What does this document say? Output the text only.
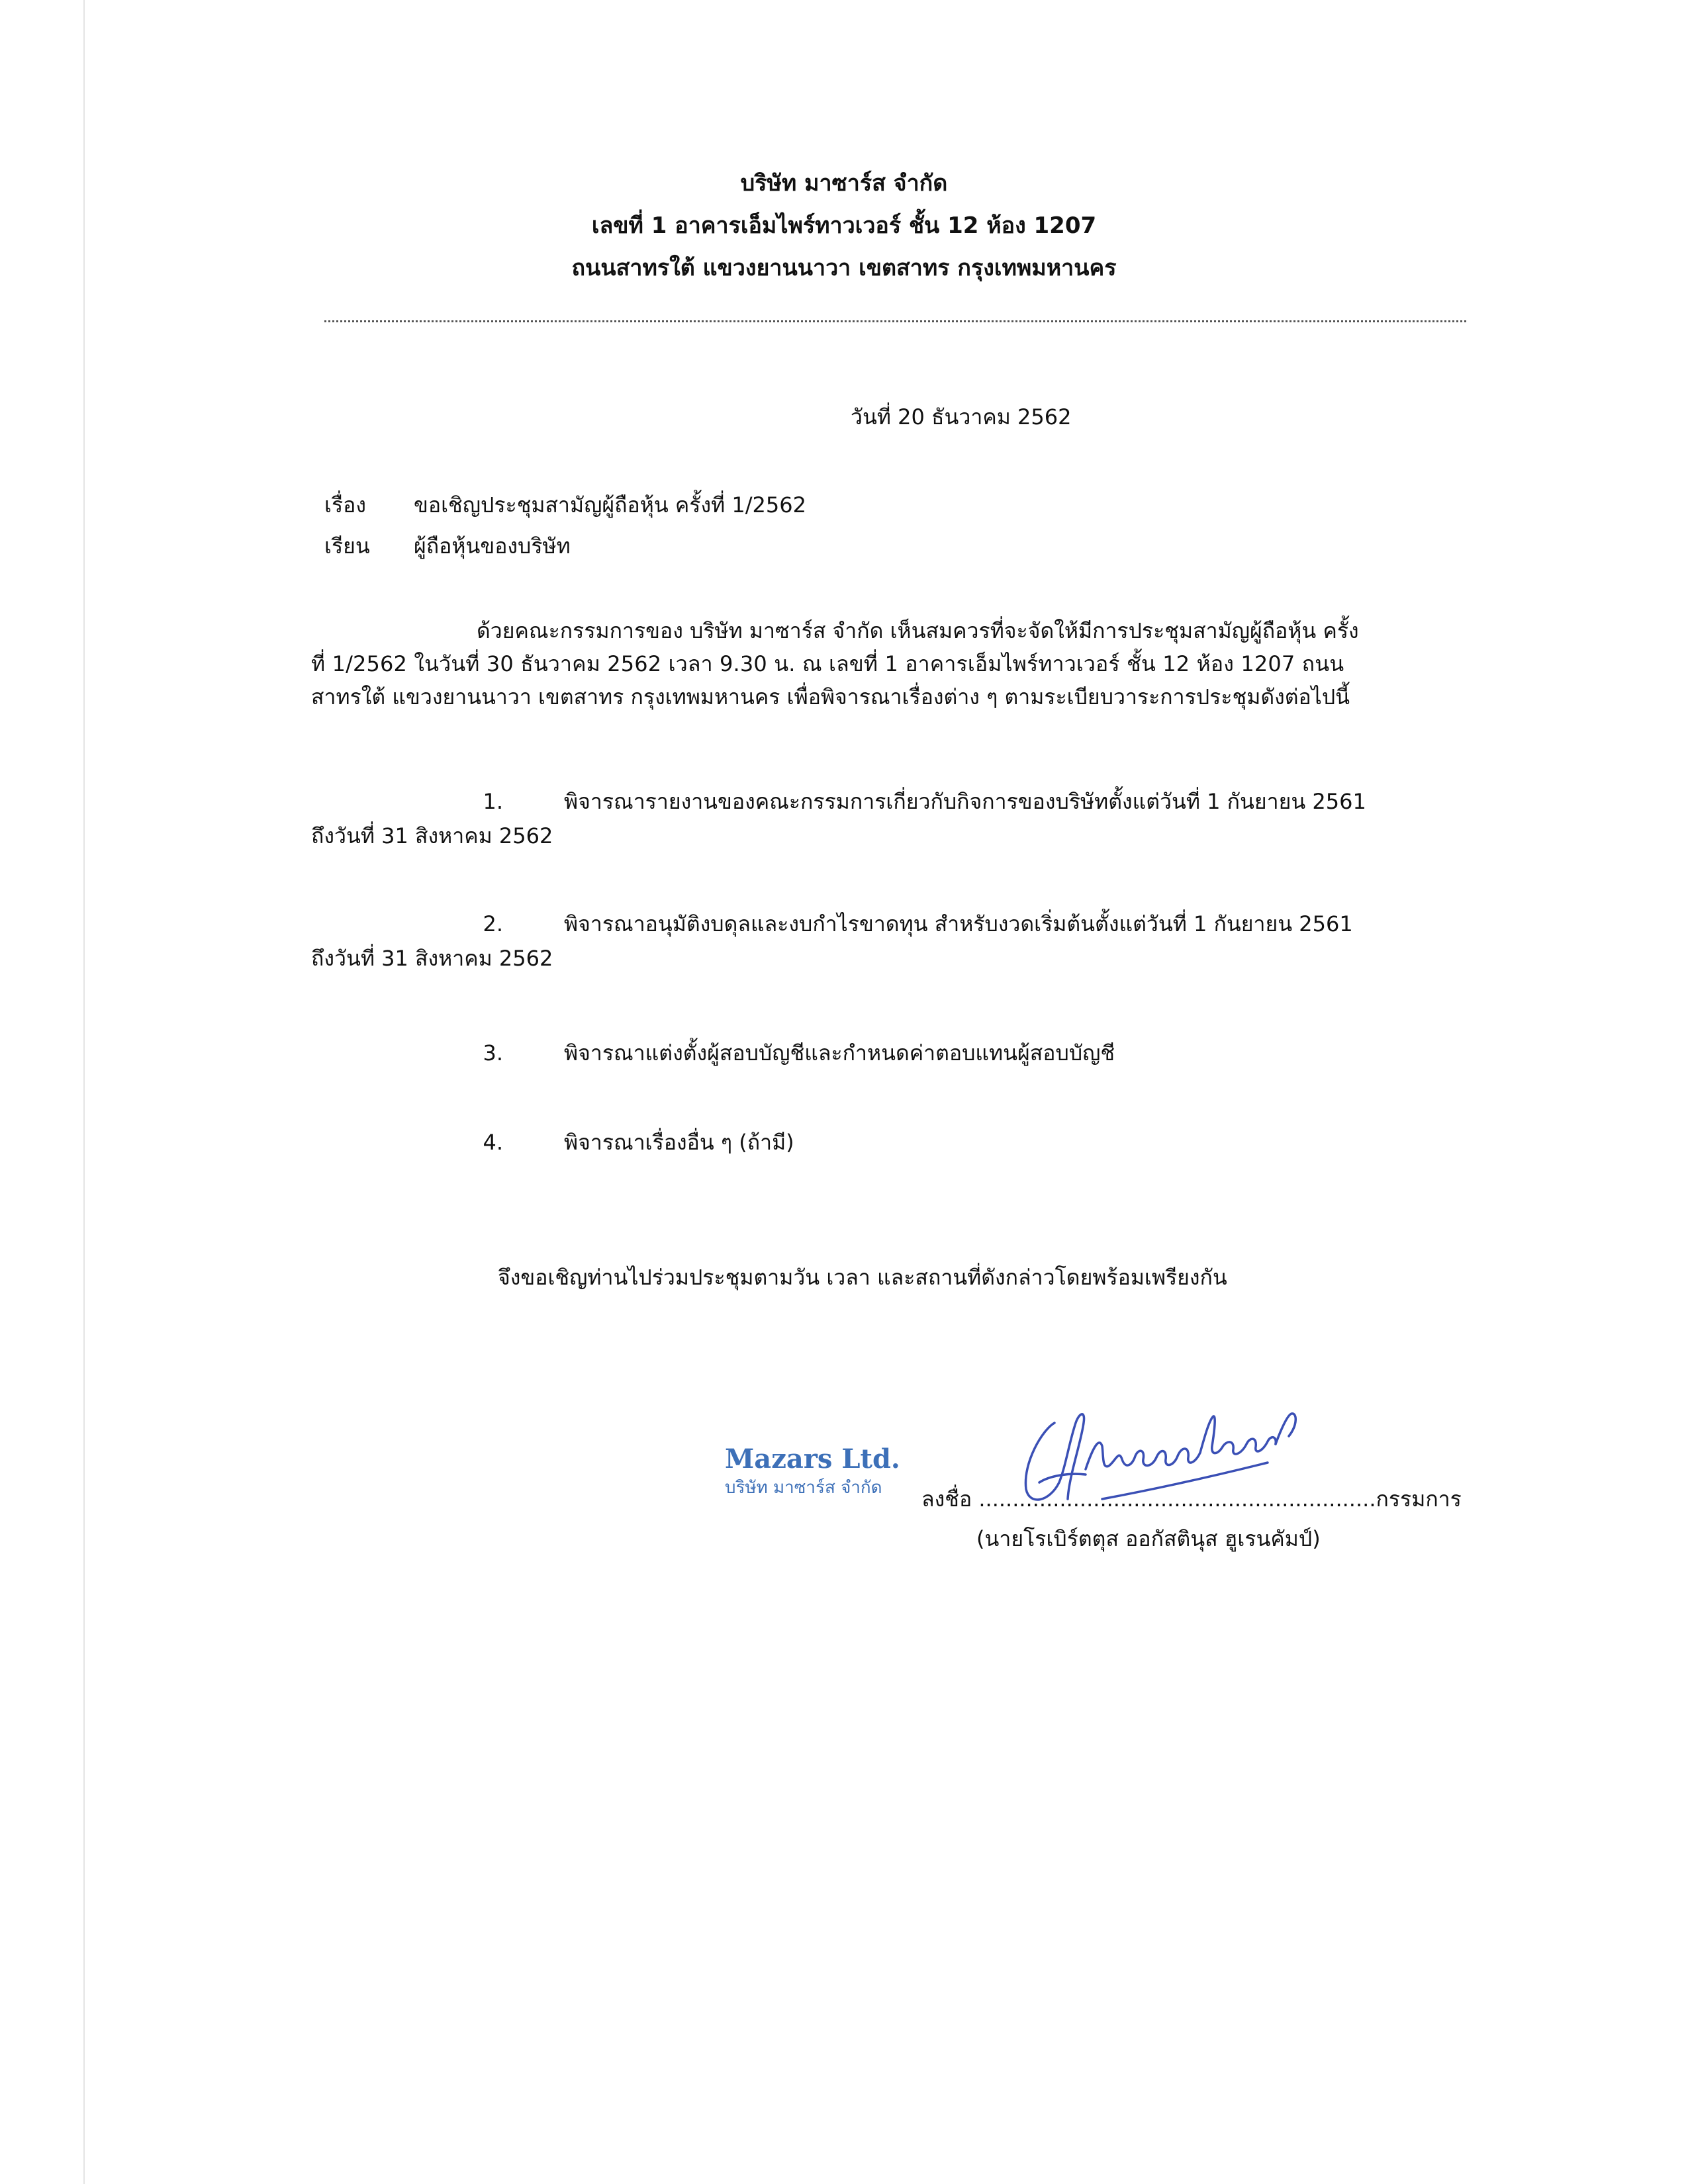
บริษัท มาซาร์ส จำกัด
เลขที่ 1 อาคารเอ็มไพร์ทาวเวอร์ ชั้น 12 ห้อง 1207
ถนนสาทรใต้ แขวงยานนาวา เขตสาทร กรุงเทพมหานคร
วันที่ 20 ธันวาคม 2562
เรื่อง ขอเชิญประชุมสามัญผู้ถือหุ้น ครั้งที่ 1/2562
เรียน ผู้ถือหุ้นของบริษัท
ด้วยคณะกรรมการของ บริษัท มาซาร์ส จำกัด เห็นสมควรที่จะจัดให้มีการประชุมสามัญผู้ถือหุ้น ครั้ง
ที่ 1/2562 ในวันที่ 30 ธันวาคม 2562 เวลา 9.30 น. ณ เลขที่ 1 อาคารเอ็มไพร์ทาวเวอร์ ชั้น 12 ห้อง 1207 ถนน
สาทรใต้ แขวงยานนาวา เขตสาทร กรุงเทพมหานคร เพื่อพิจารณาเรื่องต่าง ๆ ตามระเบียบวาระการประชุมดังต่อไปนี้
1.	พิจารณารายงานของคณะกรรมการเกี่ยวกับกิจการของบริษัทตั้งแต่วันที่ 1 กันยายน 2561
ถึงวันที่ 31 สิงหาคม 2562
2.	พิจารณาอนุมัติงบดุลและงบกำไรขาดทุน สำหรับงวดเริ่มต้นตั้งแต่วันที่ 1 กันยายน 2561
ถึงวันที่ 31 สิงหาคม 2562
3.	พิจารณาแต่งตั้งผู้สอบบัญชีและกำหนดค่าตอบแทนผู้สอบบัญชี
4.	พิจารณาเรื่องอื่น ๆ (ถ้ามี)
จึงขอเชิญท่านไปร่วมประชุมตามวัน เวลา และสถานที่ดังกล่าวโดยพร้อมเพรียงกัน
Mazars Ltd.
บริษัท มาซาร์ส จำกัด	ลงชื่อ ...........................................................กรรมการ
(นายโรเบิร์ตตุส ออกัสตินุส ฮูเรนคัมป์)
